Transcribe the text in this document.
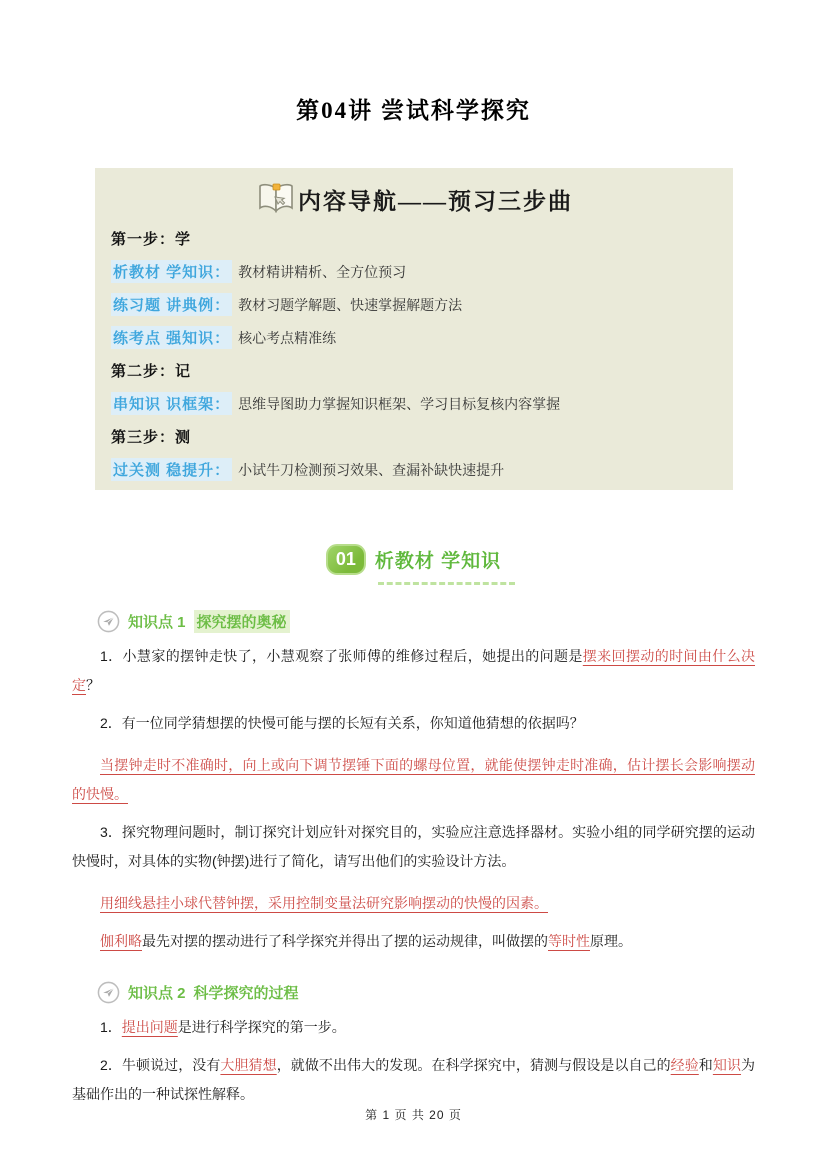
第04讲 尝试科学探究
内容导航——预习三步曲
第一步：学
析教材 学知识： 教材精讲精析、全方位预习
练习题 讲典例： 教材习题学解题、快速掌握解题方法
练考点 强知识： 核心考点精准练
第二步：记
串知识 识框架： 思维导图助力掌握知识框架、学习目标复核内容掌握
第三步：测
过关测 稳提升： 小试牛刀检测预习效果、查漏补缺快速提升
01 析教材 学知识
知识点 1 探究摆的奥秘

1．小慧家的摆钟走快了，小慧观察了张师傅的维修过程后，她提出的问题是摆来回摆动的时间由什么决定？

2．有一位同学猜想摆的快慢可能与摆的长短有关系，你知道他猜想的依据吗？

当摆钟走时不准确时，向上或向下调节摆锤下面的螺母位置，就能使摆钟走时准确，估计摆长会影响摆动的快慢。

3．探究物理问题时，制订探究计划应针对探究目的，实验应注意选择器材。实验小组的同学研究摆的运动快慢时，对具体的实物(钟摆)进行了简化，请写出他们的实验设计方法。

用细线悬挂小球代替钟摆，采用控制变量法研究影响摆动的快慢的因素。

伽利略最先对摆的摆动进行了科学探究并得出了摆的运动规律，叫做摆的等时性原理。

知识点 2 科学探究的过程

1．提出问题是进行科学探究的第一步。

2．牛顿说过，没有大胆猜想，就做不出伟大的发现。在科学探究中，猜测与假设是以自己的经验和知识为基础作出的一种试探性解释。

第 1 页 共 20 页
